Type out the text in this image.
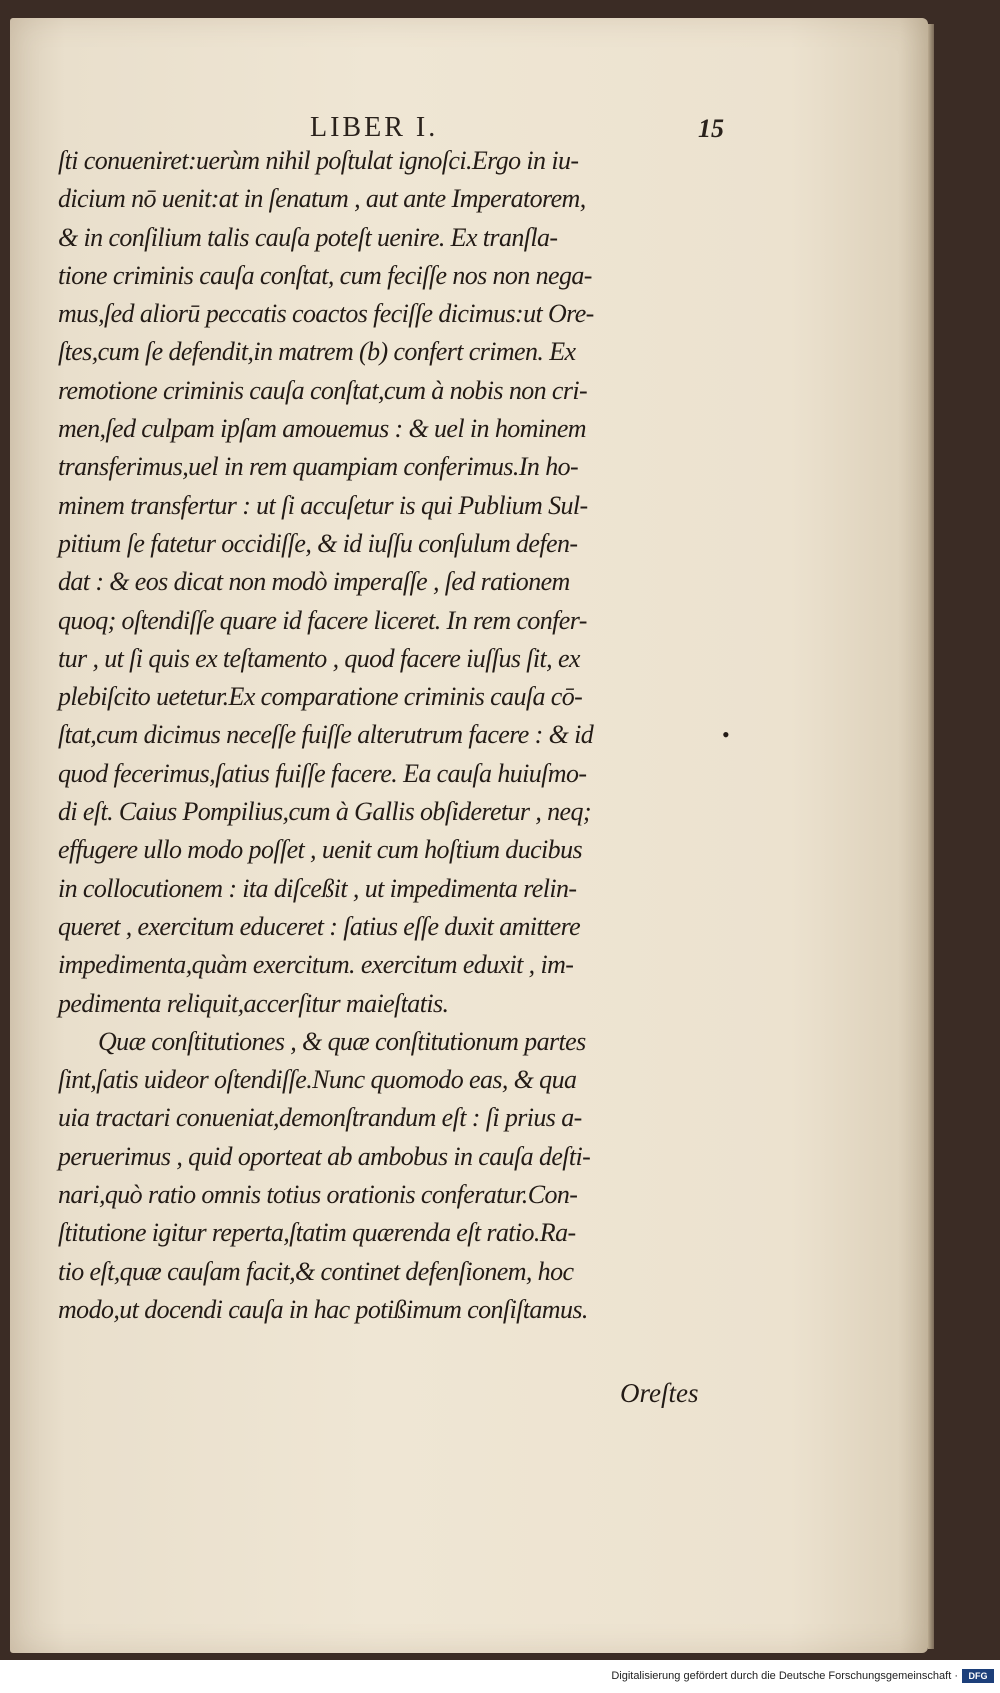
LIBER I.	15
ſti conueniret:uerùm nihil poſtulat ignoſci.Ergo in iu-
dicium nō uenit:at in ſenatum , aut ante Imperatorem,
& in conſilium talis cauſa poteſt uenire. Ex tranſla-
tione criminis cauſa conſtat, cum feciſſe nos non nega-
mus,ſed aliorū peccatis coactos feciſſe dicimus:ut Ore-
ſtes,cum ſe defendit,in matrem (b) confert crimen. Ex
remotione criminis cauſa conſtat,cum à nobis non cri-
men,ſed culpam ipſam amouemus : & uel in hominem
transferimus,uel in rem quampiam conferimus.In ho-
minem transfertur : ut ſi accuſetur is qui Publium Sul-
pitium ſe fatetur occidiſſe, & id iuſſu conſulum defen-
dat : & eos dicat non modò imperaſſe , ſed rationem
quoq; oſtendiſſe quare id facere liceret. In rem confer-
tur , ut ſi quis ex teſtamento , quod facere iuſſus ſit, ex
plebiſcito uetetur.Ex comparatione criminis cauſa cō-
ſtat,cum dicimus neceſſe fuiſſe alterutrum facere : & id
quod fecerimus,ſatius fuiſſe facere. Ea cauſa huiuſmo-
di eſt. Caius Pompilius,cum à Gallis obſideretur , neq;
effugere ullo modo poſſet , uenit cum hoſtium ducibus
in collocutionem : ita diſceßit , ut impedimenta relin-
queret , exercitum educeret : ſatius eſſe duxit amittere
impedimenta,quàm exercitum. exercitum eduxit , im-
pedimenta reliquit,accerſitur maieſtatis.
Quæ conſtitutiones , & quæ conſtitutionum partes
ſint,ſatis uideor oſtendiſſe.Nunc quomodo eas, & qua
uia tractari conueniat,demonſtrandum eſt : ſi prius a-
peruerimus , quid oporteat ab ambobus in cauſa deſti-
nari,quò ratio omnis totius orationis conferatur.Con-
ſtitutione igitur reperta,ſtatim quærenda eſt ratio.Ra-
tio eſt,quæ cauſam facit,& continet defenſionem, hoc
modo,ut docendi cauſa in hac potißimum conſiſtamus.
Oreſtes
•
Digitalisierung gefördert durch die Deutsche Forschungsgemeinschaft ·	DFG
